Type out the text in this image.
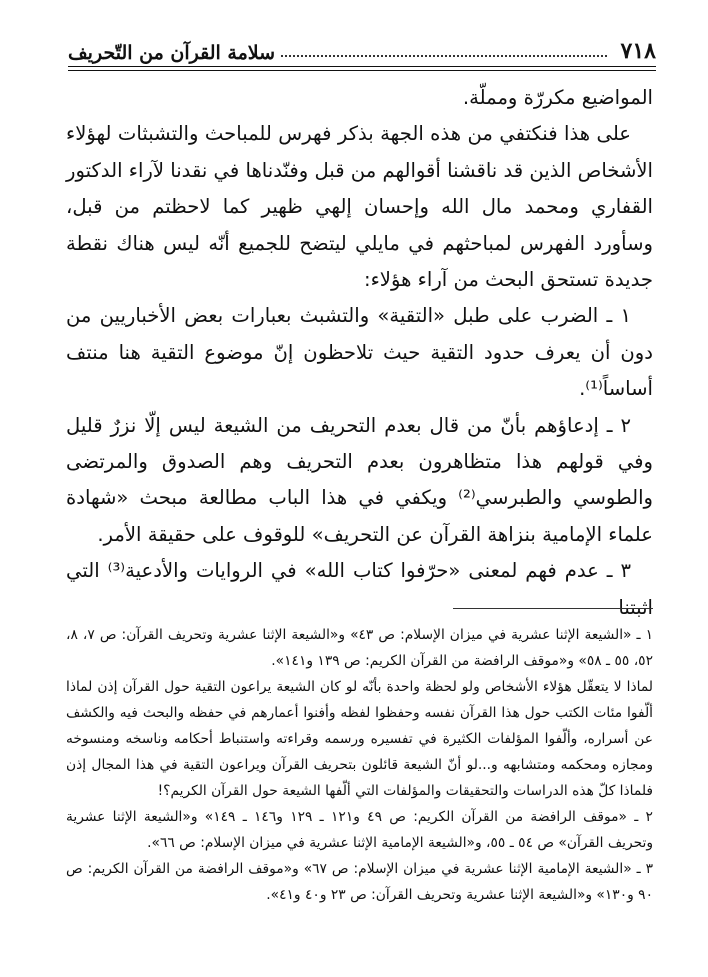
٧١٨
سلامة القرآن من التّحريف

المواضيع مكررّة ومملّة.

على هذا فنكتفي من هذه الجهة بذكر فهرس للمباحث والتشبثات لهؤلاء الأشخاص الذين قد ناقشنا أقوالهم من قبل وفنّدناها في نقدنا لآراء الدكتور القفاري ومحمد مال الله وإحسان إلهي ظهير كما لاحظتم من قبل، وسأورد الفهرس لمباحثهم في مايلي ليتضح للجميع أنّه ليس هناك نقطة جديدة تستحق البحث من آراء هؤلاء:

١ ـ الضرب على طبل «التقية» والتشبث بعبارات بعض الأخباريين من دون أن يعرف حدود التقية حيث تلاحظون إنّ موضوع التقية هنا منتف أساساً⁽¹⁾.

٢ ـ إدعاؤهم بأنّ من قال بعدم التحريف من الشيعة ليس إلّا نزرٌ قليل وفي قولهم هذا متظاهرون بعدم التحريف وهم الصدوق والمرتضى والطوسي والطبرسي⁽²⁾ ويكفي في هذا الباب مطالعة مبحث «شهادة علماء الإمامية بنزاهة القرآن عن التحريف» للوقوف على حقيقة الأمر.

٣ ـ عدم فهم لمعنى «حرّفوا كتاب الله» في الروايات والأدعية⁽³⁾ التي اثبتنا

١ ـ «الشيعة الإثنا عشرية في ميزان الإسلام: ص ٤٣» و«الشيعة الإثنا عشرية وتحريف القرآن: ص ٧، ٨، ٥٢، ٥٥ ـ ٥٨» و«موقف الرافضة من القرآن الكريم: ص ١٣٩ و١٤١».

لماذا لا يتعقّل هؤلاء الأشخاص ولو لحظة واحدة بأنّه لو كان الشيعة يراعون التقية حول القرآن إذن لماذا ألّفوا مئات الكتب حول هذا القرآن نفسه وحفظوا لفظه وأفنوا أعمارهم في حفظه والبحث فيه والكشف عن أسراره، وألّفوا المؤلفات الكثيرة في تفسيره ورسمه وقراءته واستنباط أحكامه وناسخه ومنسوخه ومجازه ومحكمه ومتشابهه و...لو أنّ الشيعة قائلون بتحريف القرآن ويراعون التقية في هذا المجال إذن فلماذا كلّ هذه الدراسات والتحقيقات والمؤلفات التي ألّفها الشيعة حول القرآن الكريم؟!

٢ ـ «موقف الرافضة من القرآن الكريم: ص ٤٩ و١٢١ ـ ١٢٩ و١٤٦ ـ ١٤٩» و«الشيعة الإثنا عشرية وتحريف القرآن» ص ٥٤ ـ ٥٥، و«الشيعة الإمامية الإثنا عشرية في ميزان الإسلام: ص ٦٦».

٣ ـ «الشيعة الإمامية الإثنا عشرية في ميزان الإسلام: ص ٦٧» و«موقف الرافضة من القرآن الكريم: ص ٩٠ و١٣٠» و«الشيعة الإثنا عشرية وتحريف القرآن: ص ٢٣ و٤٠ و٤١».
